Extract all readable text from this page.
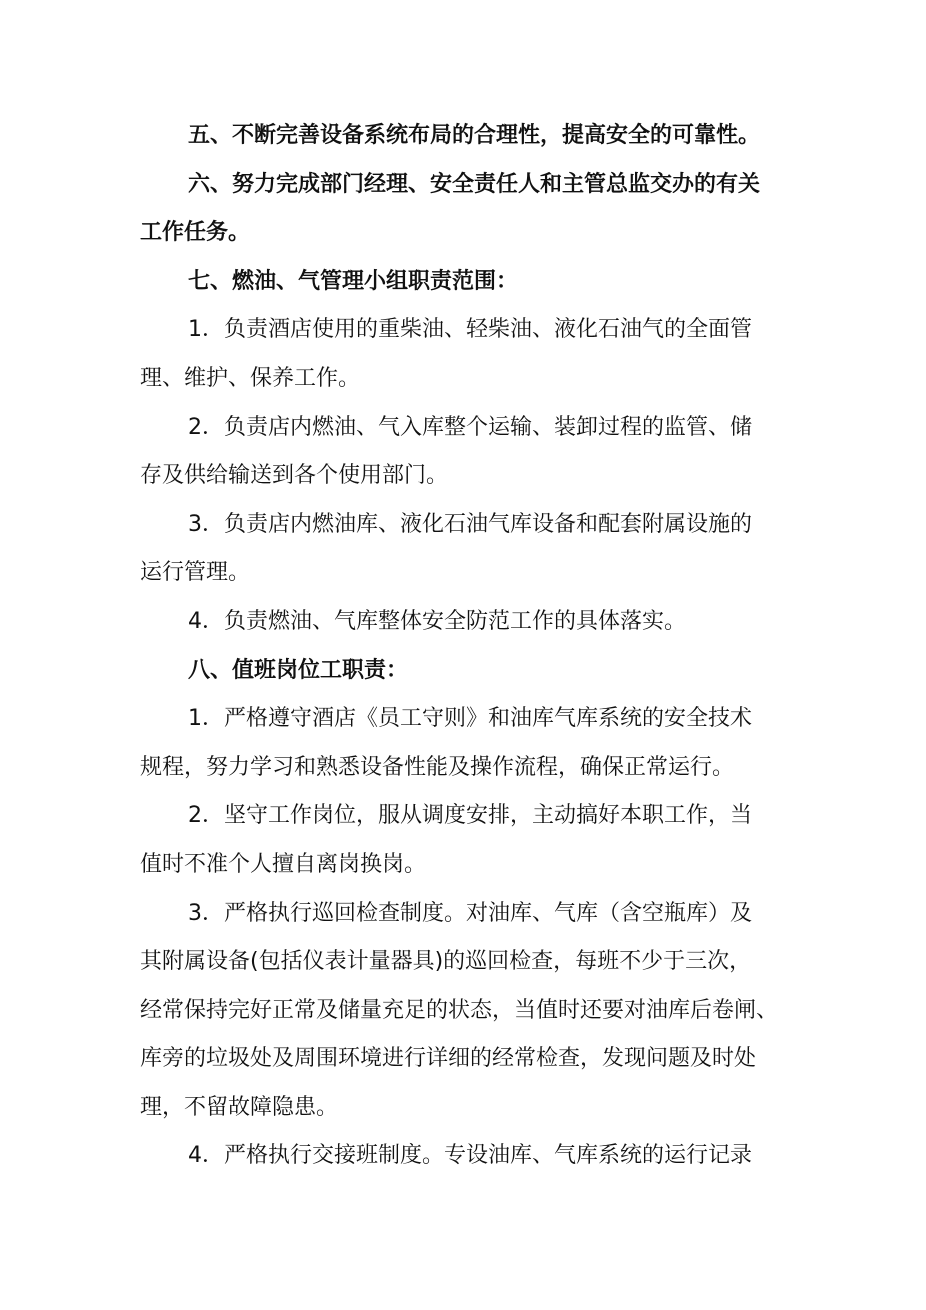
五、不断完善设备系统布局的合理性，提高安全的可靠性。

六、努力完成部门经理、安全责任人和主管总监交办的有关
工作任务。

七、燃油、气管理小组职责范围：

1．负责酒店使用的重柴油、轻柴油、液化石油气的全面管
理、维护、保养工作。

2．负责店内燃油、气入库整个运输、装卸过程的监管、储
存及供给输送到各个使用部门。

3．负责店内燃油库、液化石油气库设备和配套附属设施的
运行管理。

4．负责燃油、气库整体安全防范工作的具体落实。

八、值班岗位工职责：

1．严格遵守酒店《员工守则》和油库气库系统的安全技术
规程，努力学习和熟悉设备性能及操作流程，确保正常运行。

2．坚守工作岗位，服从调度安排，主动搞好本职工作，当
值时不准个人擅自离岗换岗。

3．严格执行巡回检查制度。对油库、气库（含空瓶库）及
其附属设备(包括仪表计量器具)的巡回检查，每班不少于三次，
经常保持完好正常及储量充足的状态，当值时还要对油库后卷闸、
库旁的垃圾处及周围环境进行详细的经常检查，发现问题及时处
理，不留故障隐患。

4．严格执行交接班制度。专设油库、气库系统的运行记录
